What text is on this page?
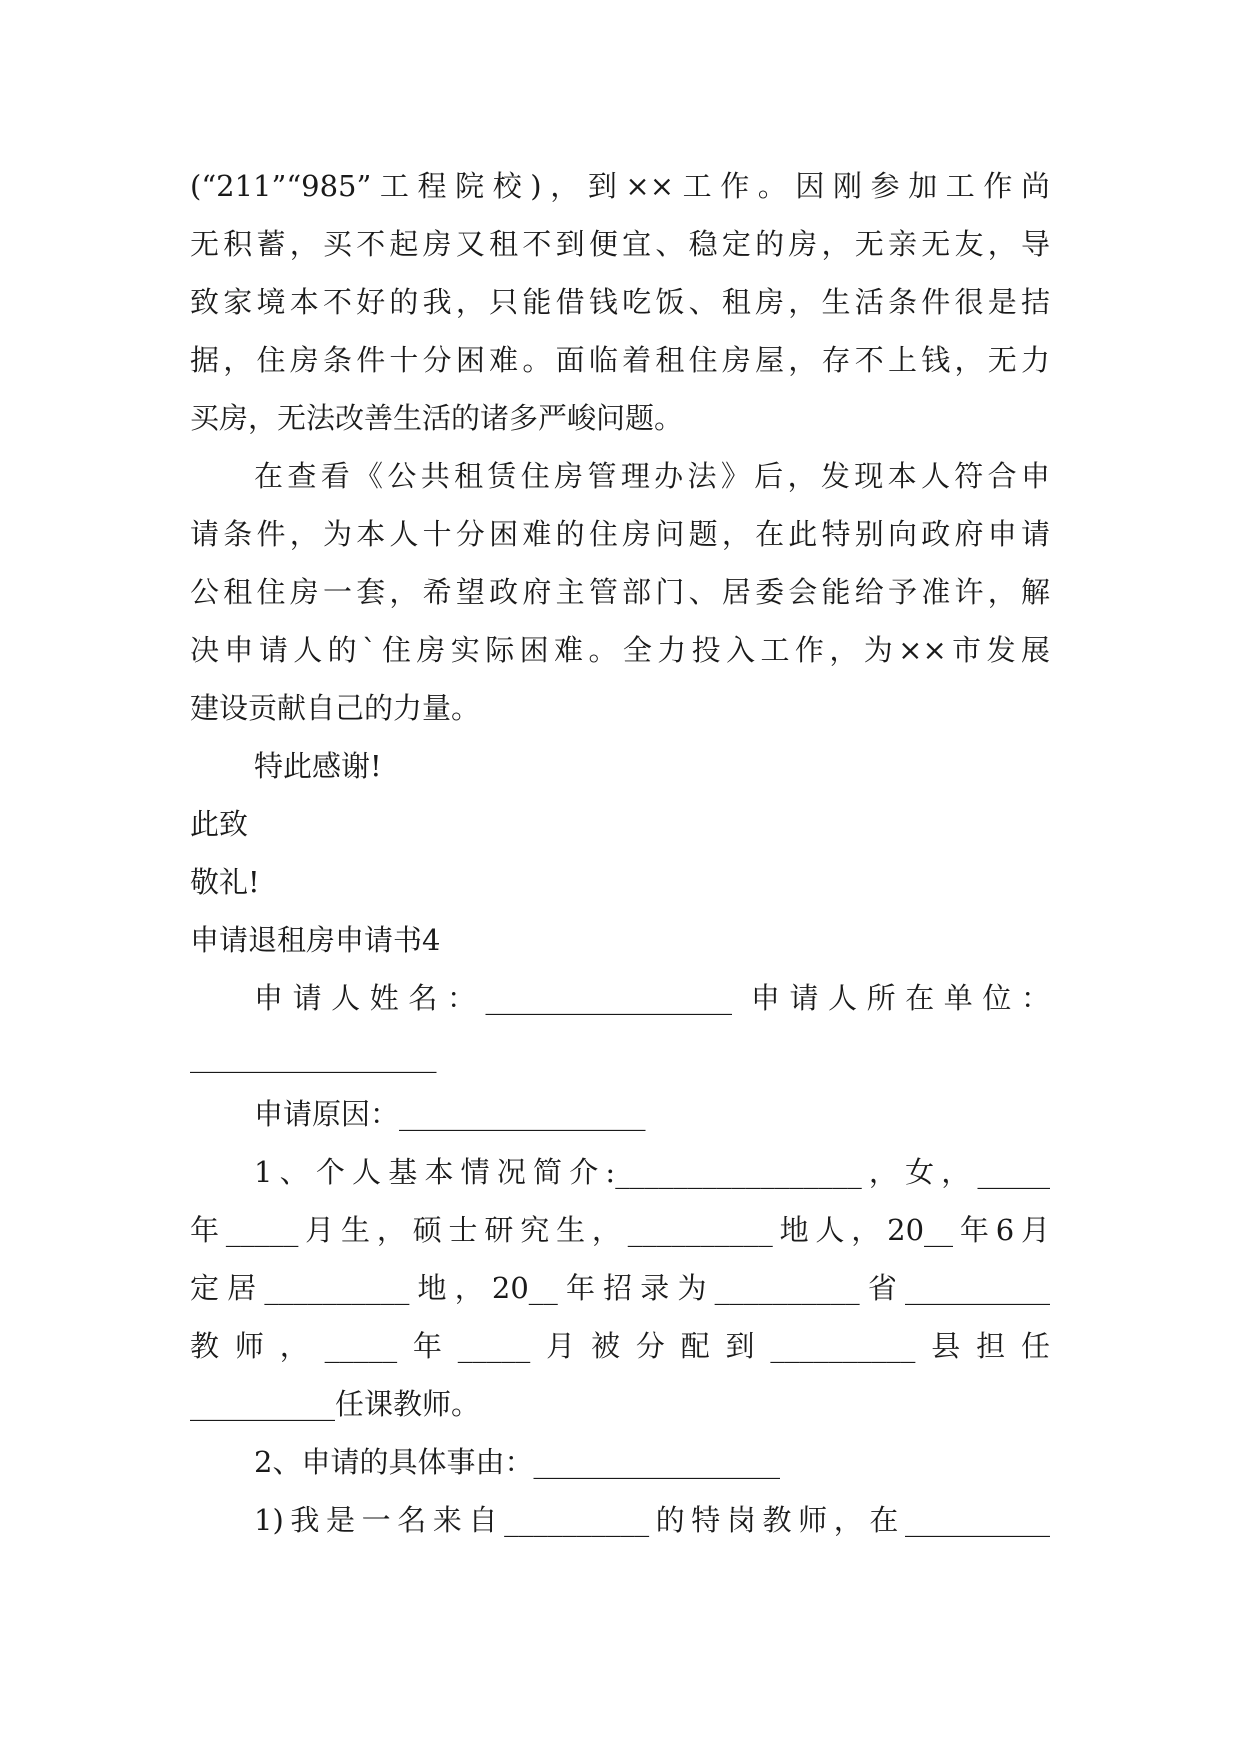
(“211”“985”工程院校)，到××工作。因刚参加工作尚
无积蓄，买不起房又租不到便宜、稳定的房，无亲无友，导
致家境本不好的我，只能借钱吃饭、租房，生活条件很是拮
据，住房条件十分困难。面临着租住房屋，存不上钱，无力
买房，无法改善生活的诸多严峻问题。
在查看《公共租赁住房管理办法》后，发现本人符合申
请条件，为本人十分困难的住房问题，在此特别向政府申请
公租住房一套，希望政府主管部门、居委会能给予准许，解
决申请人的`住房实际困难。全力投入工作，为××市发展
建设贡献自己的力量。
特此感谢!
此致
敬礼!
申请退租房申请书4
申请人姓名：_________________ 申请人所在单位：
_________________
申请原因：_________________
1、个人基本情况简介:_________________，女，_____
年_____月生，硕士研究生，__________地人，20__年6月
定居__________地，20__年招录为__________省__________
教师，_____年_____月被分配到__________县担任
__________任课教师。
2、申请的具体事由：_________________
1)我是一名来自__________的特岗教师，在__________
